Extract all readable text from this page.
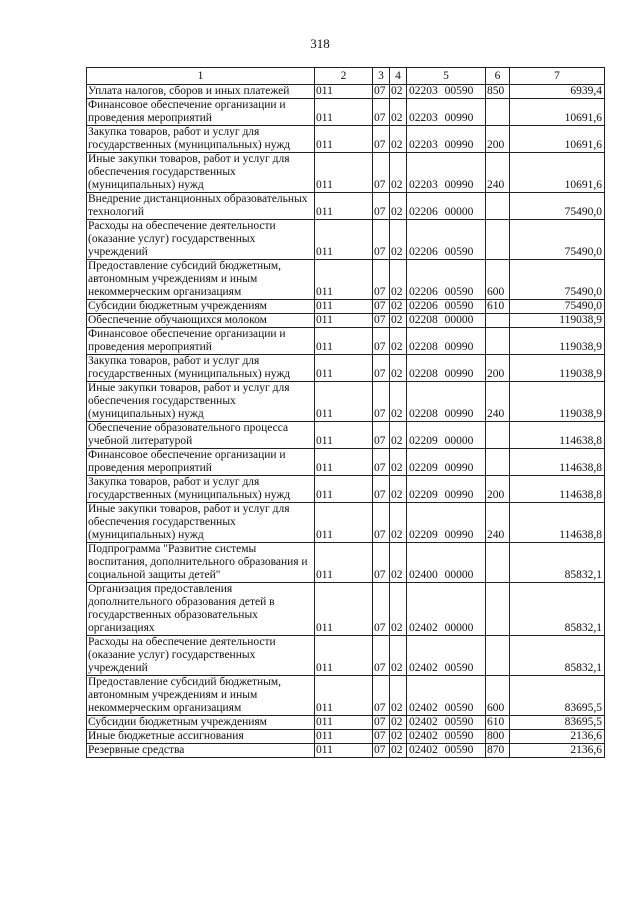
318
1	2	3	4	5	6	7
Уплата налогов, сборов и иных платежей	011	07	02	02203 00590	850	6939,4
Финансовое обеспечение организации и проведения мероприятий	011	07	02	02203 00990		10691,6
Закупка товаров, работ и услуг для государственных (муниципальных) нужд	011	07	02	02203 00990	200	10691,6
Иные закупки товаров, работ и услуг для обеспечения государственных (муниципальных) нужд	011	07	02	02203 00990	240	10691,6
Внедрение дистанционных образовательных технологий	011	07	02	02206 00000		75490,0
Расходы на обеспечение деятельности (оказание услуг) государственных учреждений	011	07	02	02206 00590		75490,0
Предоставление субсидий бюджетным, автономным учреждениям и иным некоммерческим организациям	011	07	02	02206 00590	600	75490,0
Субсидии бюджетным учреждениям	011	07	02	02206 00590	610	75490,0
Обеспечение обучающихся молоком	011	07	02	02208 00000		119038,9
Финансовое обеспечение организации и проведения мероприятий	011	07	02	02208 00990		119038,9
Закупка товаров, работ и услуг для государственных (муниципальных) нужд	011	07	02	02208 00990	200	119038,9
Иные закупки товаров, работ и услуг для обеспечения государственных (муниципальных) нужд	011	07	02	02208 00990	240	119038,9
Обеспечение образовательного процесса учебной литературой	011	07	02	02209 00000		114638,8
Финансовое обеспечение организации и проведения мероприятий	011	07	02	02209 00990		114638,8
Закупка товаров, работ и услуг для государственных (муниципальных) нужд	011	07	02	02209 00990	200	114638,8
Иные закупки товаров, работ и услуг для обеспечения государственных (муниципальных) нужд	011	07	02	02209 00990	240	114638,8
Подпрограмма "Развитие системы воспитания, дополнительного образования и социальной защиты детей"	011	07	02	02400 00000		85832,1
Организация предоставления дополнительного образования детей в государственных образовательных организациях	011	07	02	02402 00000		85832,1
Расходы на обеспечение деятельности (оказание услуг) государственных учреждений	011	07	02	02402 00590		85832,1
Предоставление субсидий бюджетным, автономным учреждениям и иным некоммерческим организациям	011	07	02	02402 00590	600	83695,5
Субсидии бюджетным учреждениям	011	07	02	02402 00590	610	83695,5
Иные бюджетные ассигнования	011	07	02	02402 00590	800	2136,6
Резервные средства	011	07	02	02402 00590	870	2136,6
